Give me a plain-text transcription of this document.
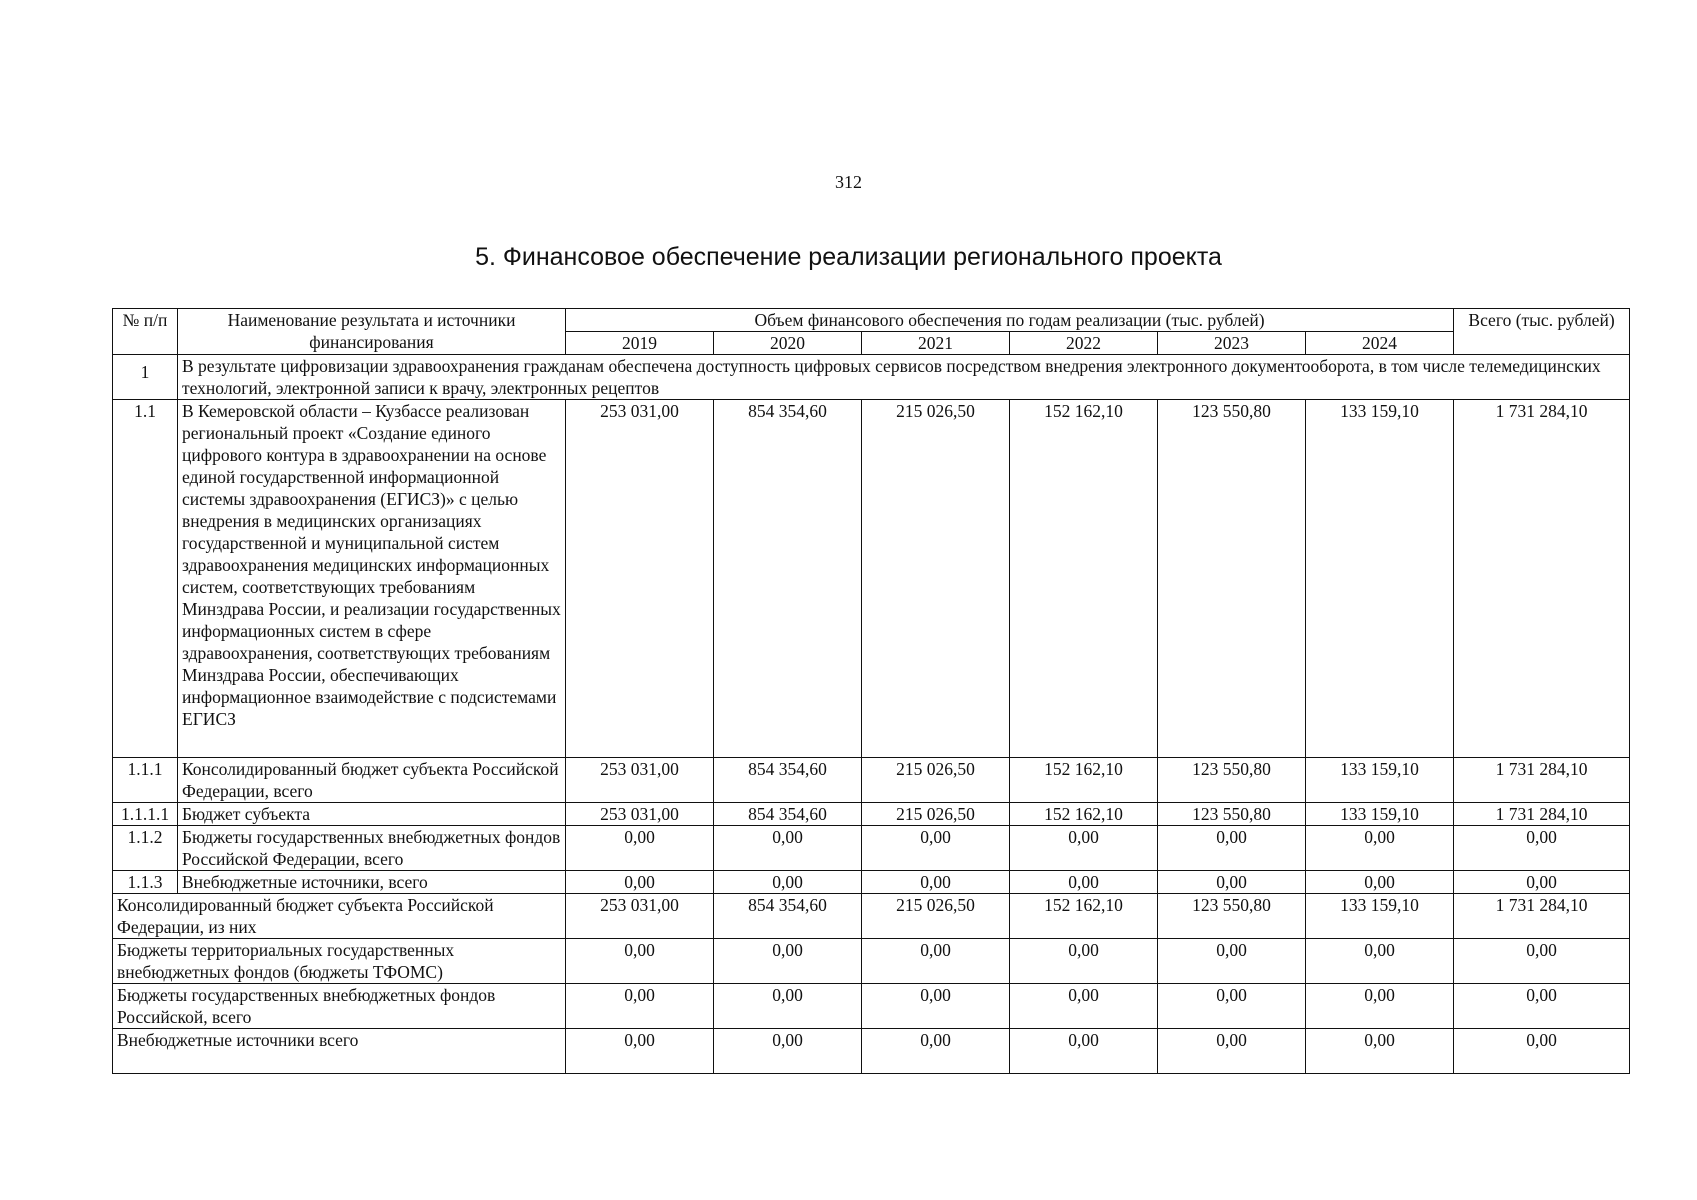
312
5. Финансовое обеспечение реализации регионального проекта
№ п/п	Наименование результата и источники финансирования	Объем финансового обеспечения по годам реализации (тыс. рублей)						Всего (тыс. рублей)
		2019	2020	2021	2022	2023	2024	
1	В результате цифровизации здравоохранения гражданам обеспечена доступность цифровых сервисов посредством внедрения электронного документооборота, в том числе телемедицинских технологий, электронной записи к врачу, электронных рецептов							
1.1	В Кемеровской области – Кузбассе реализован региональный проект «Создание единого цифрового контура в здравоохранении на основе единой государственной информационной системы здравоохранения (ЕГИСЗ)» с целью внедрения в медицинских организациях государственной и муниципальной систем здравоохранения медицинских информационных систем, соответствующих требованиям Минздрава России, и реализации государственных информационных систем в сфере здравоохранения, соответствующих требованиям Минздрава России, обеспечивающих информационное взаимодействие с подсистемами ЕГИСЗ	253 031,00	854 354,60	215 026,50	152 162,10	123 550,80	133 159,10	1 731 284,10
1.1.1	Консолидированный бюджет субъекта Российской Федерации, всего	253 031,00	854 354,60	215 026,50	152 162,10	123 550,80	133 159,10	1 731 284,10
1.1.1.1	Бюджет субъекта	253 031,00	854 354,60	215 026,50	152 162,10	123 550,80	133 159,10	1 731 284,10
1.1.2	Бюджеты государственных внебюджетных фондов Российской Федерации, всего	0,00	0,00	0,00	0,00	0,00	0,00	0,00
1.1.3	Внебюджетные источники, всего	0,00	0,00	0,00	0,00	0,00	0,00	0,00
Консолидированный бюджет субъекта Российской Федерации, из них		253 031,00	854 354,60	215 026,50	152 162,10	123 550,80	133 159,10	1 731 284,10
Бюджеты территориальных государственных внебюджетных фондов (бюджеты ТФОМС)		0,00	0,00	0,00	0,00	0,00	0,00	0,00
Бюджеты государственных внебюджетных фондов Российской, всего		0,00	0,00	0,00	0,00	0,00	0,00	0,00
Внебюджетные источники всего		0,00	0,00	0,00	0,00	0,00	0,00	0,00
